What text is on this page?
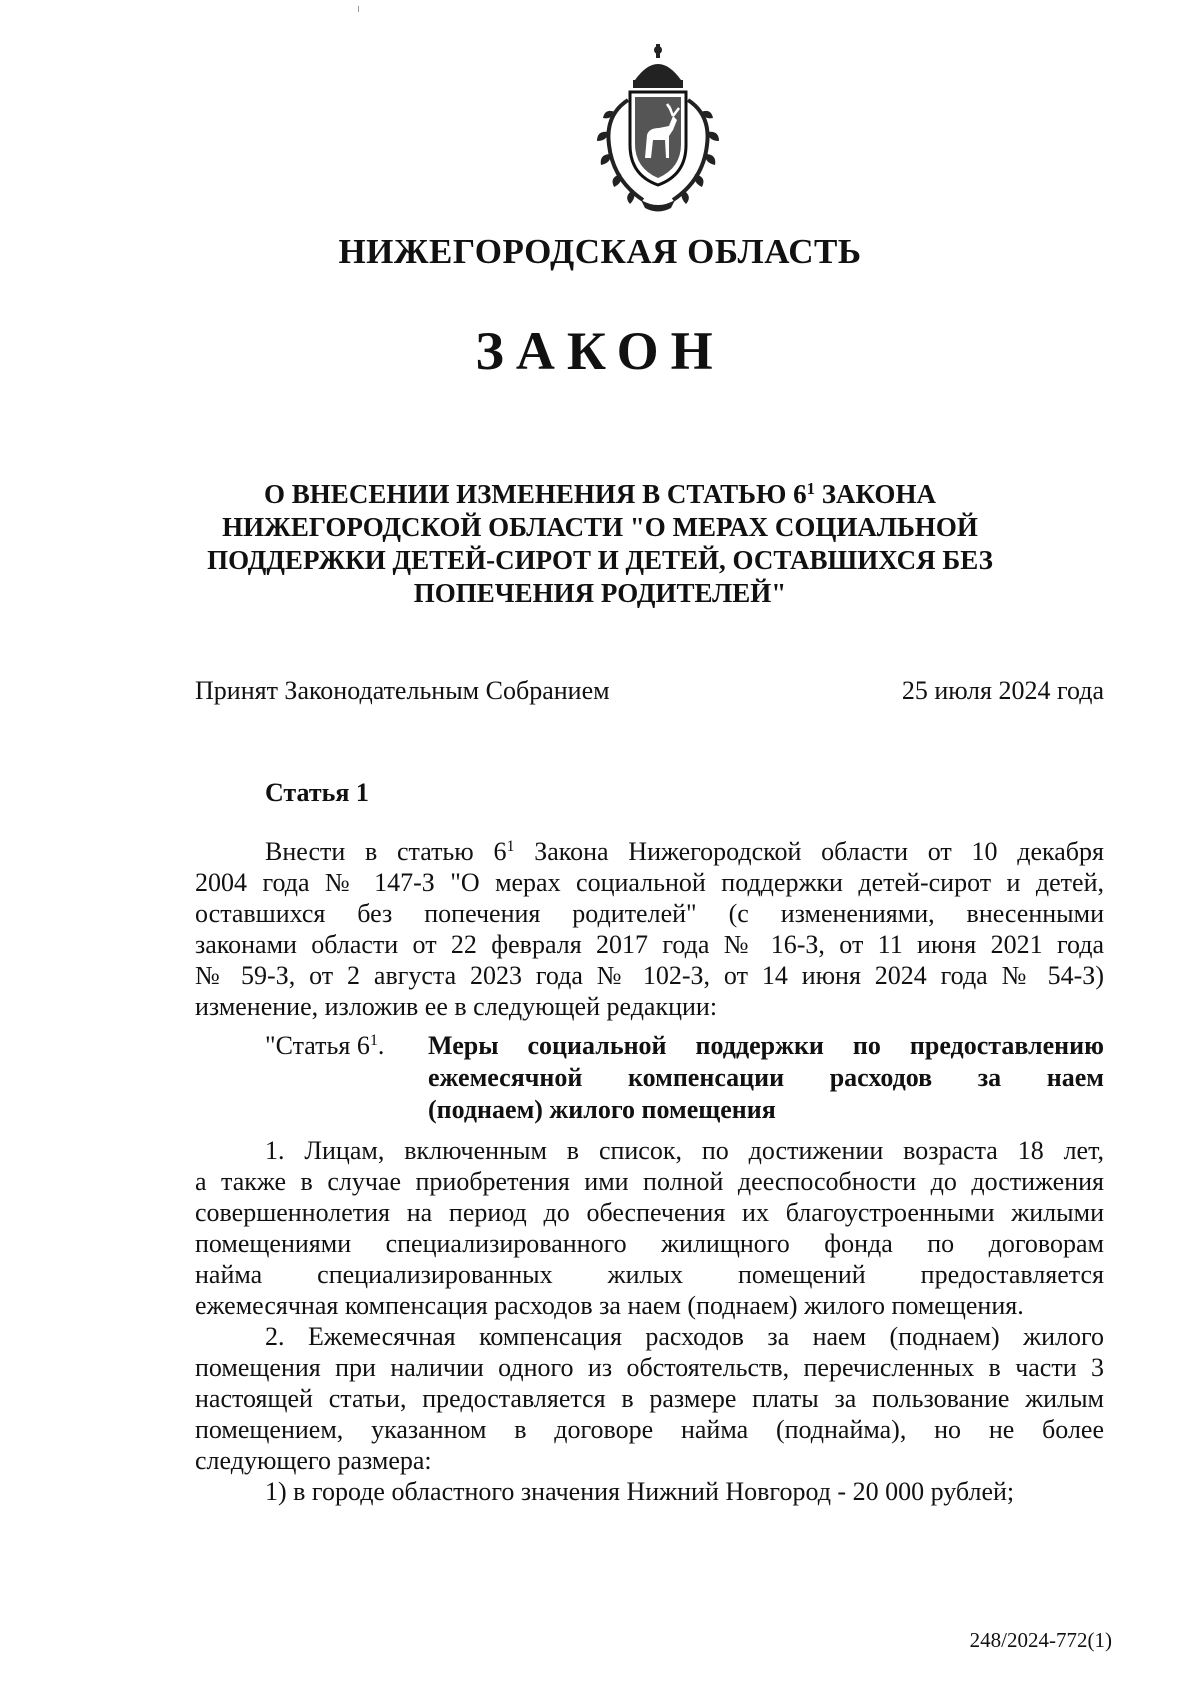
НИЖЕГОРОДСКАЯ ОБЛАСТЬ
ЗАКОН
О ВНЕСЕНИИ ИЗМЕНЕНИЯ В СТАТЬЮ $6^1$ ЗАКОНА
НИЖЕГОРОДСКОЙ ОБЛАСТИ "О МЕРАХ СОЦИАЛЬНОЙ
ПОДДЕРЖКИ ДЕТЕЙ-СИРОТ И ДЕТЕЙ, ОСТАВШИХСЯ БЕЗ
ПОПЕЧЕНИЯ РОДИТЕЛЕЙ"
Принят Законодательным Собранием	25 июля 2024 года
Статья 1
Внести в статью $6^1$ Закона Нижегородской области от 10 декабря
2004 года № 147-З "О мерах социальной поддержки детей-сирот и детей,
оставшихся без попечения родителей" (с изменениями, внесенными
законами области от 22 февраля 2017 года № 16-З, от 11 июня 2021 года
№ 59-З, от 2 августа 2023 года № 102-З, от 14 июня 2024 года № 54-З)
изменение, изложив ее в следующей редакции:
"Статья $6^1$. Меры социальной поддержки по предоставлению
ежемесячной компенсации расходов за наем
(поднаем) жилого помещения
1. Лицам, включенным в список, по достижении возраста 18 лет,
а также в случае приобретения ими полной дееспособности до достижения
совершеннолетия на период до обеспечения их благоустроенными жилыми
помещениями специализированного жилищного фонда по договорам
найма специализированных жилых помещений предоставляется
ежемесячная компенсация расходов за наем (поднаем) жилого помещения.
2. Ежемесячная компенсация расходов за наем (поднаем) жилого
помещения при наличии одного из обстоятельств, перечисленных в части 3
настоящей статьи, предоставляется в размере платы за пользование жилым
помещением, указанном в договоре найма (поднайма), но не более
следующего размера:
1) в городе областного значения Нижний Новгород - 20 000 рублей;
248/2024-772(1)
